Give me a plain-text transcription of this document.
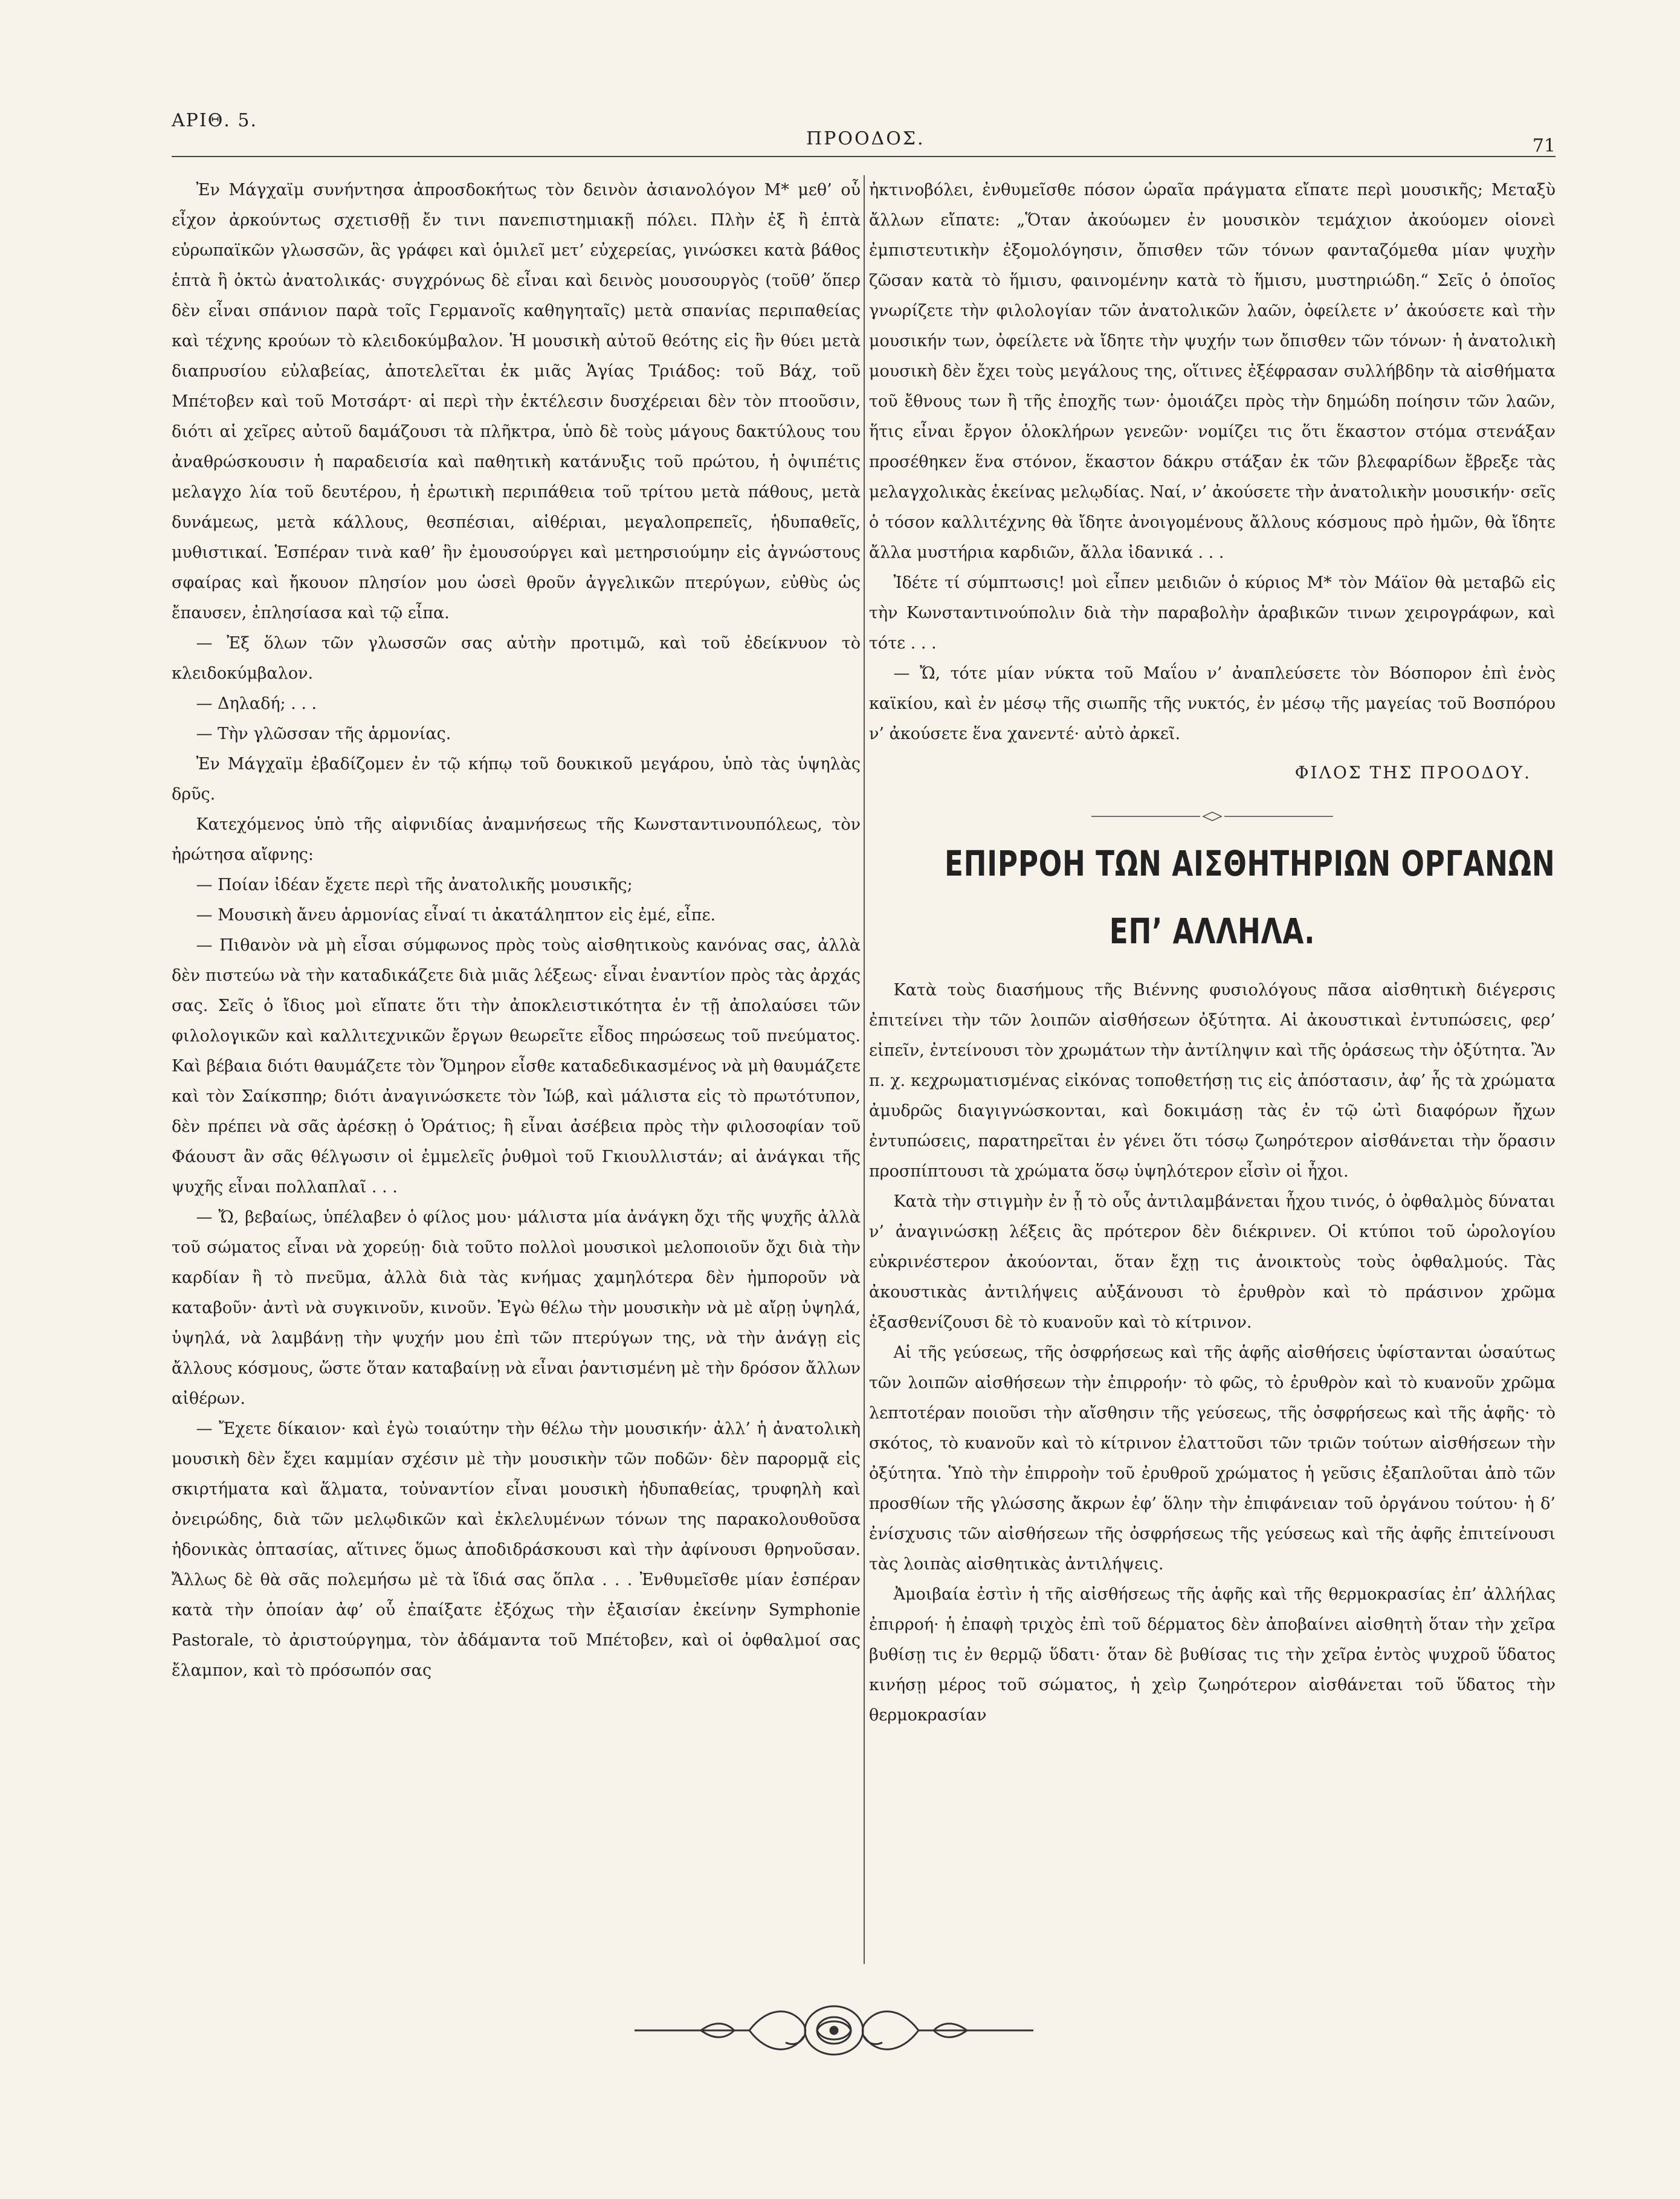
ΑΡΙΘ. 5.
ΠΡΟΟΔΟΣ.	71

Ἐν Μάγχαϊμ συνήντησα ἀπροσδοκήτως τὸν δεινὸν ἀσιανολόγον Μ* μεθ’ οὗ εἶχον ἀρκούντως σχετισθῇ ἔν τινι πανεπιστημιακῇ πόλει. Πλὴν ἐξ ἢ ἑπτὰ εὐρωπαϊκῶν γλωσσῶν, ἃς γράφει καὶ ὁμιλεῖ μετ’ εὐχερείας, γινώσκει κατὰ βάθος ἑπτὰ ἢ ὀκτὼ ἀνατολικάς· συγχρόνως δὲ εἶναι καὶ δεινὸς μουσουργὸς (τοῦθ’ ὅπερ δὲν εἶναι σπάνιον παρὰ τοῖς Γερμανοῖς καθηγηταῖς) μετὰ σπανίας περιπαθείας καὶ τέχνης κρούων τὸ κλειδοκύμβαλον. Ἡ μουσικὴ αὐτοῦ θεότης εἰς ἣν θύει μετὰ διαπρυσίου εὐλαβείας, ἀποτελεῖται ἐκ μιᾶς Ἁγίας Τριάδος: τοῦ Βάχ, τοῦ Μπέτοβεν καὶ τοῦ Μοτσάρτ· αἱ περὶ τὴν ἐκτέλεσιν δυσχέρειαι δὲν τὸν πτοοῦσιν, διότι αἱ χεῖρες αὐτοῦ δαμάζουσι τὰ πλῆκτρα, ὑπὸ δὲ τοὺς μάγους δακτύλους του ἀναθρώσκουσιν ἡ παραδεισία καὶ παθητικὴ κατάνυξις τοῦ πρώτου, ἡ ὀψιπέτις μελαγχο λία τοῦ δευτέρου, ἡ ἐρωτικὴ περιπάθεια τοῦ τρίτου μετὰ πάθους, μετὰ δυνάμεως, μετὰ κάλλους, θεσπέσιαι, αἰθέριαι, μεγαλοπρεπεῖς, ἡδυπαθεῖς, μυθιστικαί. Ἑσπέραν τινὰ καθ’ ἣν ἐμουσούργει καὶ μετηρσιούμην εἰς ἀγνώστους σφαίρας καὶ ἤκουον πλησίον μου ὡσεὶ θροῦν ἀγγελικῶν πτερύγων, εὐθὺς ὡς ἔπαυσεν, ἐπλησίασα καὶ τῷ εἶπα.

— Ἐξ ὅλων τῶν γλωσσῶν σας αὐτὴν προτιμῶ, καὶ τοῦ ἐδείκνυον τὸ κλειδοκύμβαλον.

— Δηλαδή; . . .

— Τὴν γλῶσσαν τῆς ἁρμονίας.

Ἐν Μάγχαϊμ ἐβαδίζομεν ἐν τῷ κήπῳ τοῦ δουκικοῦ μεγάρου, ὑπὸ τὰς ὑψηλὰς δρῦς.

Κατεχόμενος ὑπὸ τῆς αἰφνιδίας ἀναμνήσεως τῆς Κωνσταντινουπόλεως, τὸν ἠρώτησα αἴφνης:

— Ποίαν ἰδέαν ἔχετε περὶ τῆς ἀνατολικῆς μουσικῆς;

— Μουσικὴ ἄνευ ἁρμονίας εἶναί τι ἀκατάληπτον εἰς ἐμέ, εἶπε.

— Πιθανὸν νὰ μὴ εἶσαι σύμφωνος πρὸς τοὺς αἰσθητικοὺς κανόνας σας, ἀλλὰ δὲν πιστεύω νὰ τὴν καταδικάζετε διὰ μιᾶς λέξεως· εἶναι ἐναντίον πρὸς τὰς ἀρχάς σας. Σεῖς ὁ ἴδιος μοὶ εἴπατε ὅτι τὴν ἀποκλειστικότητα ἐν τῇ ἀπολαύσει τῶν φιλολογικῶν καὶ καλλιτεχνικῶν ἔργων θεωρεῖτε εἶδος πηρώσεως τοῦ πνεύματος. Καὶ βέβαια διότι θαυμάζετε τὸν Ὅμηρον εἶσθε καταδεδικασμένος νὰ μὴ θαυμάζετε καὶ τὸν Σαίκσπηρ; διότι ἀναγινώσκετε τὸν Ἰώβ, καὶ μάλιστα εἰς τὸ πρωτότυπον, δὲν πρέπει νὰ σᾶς ἀρέσκῃ ὁ Ὁράτιος; ἢ εἶναι ἀσέβεια πρὸς τὴν φιλοσοφίαν τοῦ Φάουστ ἂν σᾶς θέλγωσιν οἱ ἐμμελεῖς ῥυθμοὶ τοῦ Γκιουλλιστάν; αἱ ἀνάγκαι τῆς ψυχῆς εἶναι πολλαπλαῖ . . .

— Ὤ, βεβαίως, ὑπέλαβεν ὁ φίλος μου· μάλιστα μία ἀνάγκη ὄχι τῆς ψυχῆς ἀλλὰ τοῦ σώματος εἶναι νὰ χορεύῃ· διὰ τοῦτο πολλοὶ μουσικοὶ μελοποιοῦν ὄχι διὰ τὴν καρδίαν ἢ τὸ πνεῦμα, ἀλλὰ διὰ τὰς κνήμας χαμηλότερα δὲν ἠμποροῦν νὰ καταβοῦν· ἀντὶ νὰ συγκινοῦν, κινοῦν. Ἐγὼ θέλω τὴν μουσικὴν νὰ μὲ αἴρῃ ὑψηλά, ὑψηλά, νὰ λαμβάνῃ τὴν ψυχήν μου ἐπὶ τῶν πτερύγων της, νὰ τὴν ἀνάγῃ εἰς ἄλλους κόσμους, ὥστε ὅταν καταβαίνῃ νὰ εἶναι ῥαντισμένη μὲ τὴν δρόσον ἄλλων αἰθέρων.

— Ἔχετε δίκαιον· καὶ ἐγὼ τοιαύτην τὴν θέλω τὴν μουσικήν· ἀλλ’ ἡ ἀνατολικὴ μουσικὴ δὲν ἔχει καμμίαν σχέσιν μὲ τὴν μουσικὴν τῶν ποδῶν· δὲν παρορμᾷ εἰς σκιρτήματα καὶ ἅλματα, τοὐναντίον εἶναι μουσικὴ ἡδυπαθείας, τρυφηλὴ καὶ ὀνειρώδης, διὰ τῶν μελῳδικῶν καὶ ἐκλελυμένων τόνων της παρακολουθοῦσα ἡδονικὰς ὀπτασίας, αἵτινες ὅμως ἀποδιδράσκουσι καὶ τὴν ἀφίνουσι θρηνοῦσαν. Ἄλλως δὲ θὰ σᾶς πολεμήσω μὲ τὰ ἴδιά σας ὅπλα . . . Ἐνθυμεῖσθε μίαν ἑσπέραν κατὰ τὴν ὁποίαν ἀφ’ οὗ ἐπαίξατε ἐξόχως τὴν ἐξαισίαν ἐκείνην Symphonie Pastorale, τὸ ἀριστούργημα, τὸν ἀδάμαντα τοῦ Μπέτοβεν, καὶ οἱ ὀφθαλμοί σας ἔλαμπον, καὶ τὸ πρόσωπόν σας

ἠκτινοβόλει, ἐνθυμεῖσθε πόσον ὡραῖα πράγματα εἴπατε περὶ μουσικῆς; Μεταξὺ ἄλλων εἴπατε: „Ὅταν ἀκούωμεν ἐν μουσικὸν τεμάχιον ἀκούομεν οἱονεὶ ἐμπιστευτικὴν ἐξομολόγησιν, ὄπισθεν τῶν τόνων φανταζόμεθα μίαν ψυχὴν ζῶσαν κατὰ τὸ ἥμισυ, φαινομένην κατὰ τὸ ἥμισυ, μυστηριώδη.“ Σεῖς ὁ ὁποῖος γνωρίζετε τὴν φιλολογίαν τῶν ἀνατολικῶν λαῶν, ὀφείλετε ν’ ἀκούσετε καὶ τὴν μουσικήν των, ὀφείλετε νὰ ἴδητε τὴν ψυχήν των ὄπισθεν τῶν τόνων· ἡ ἀνατολικὴ μουσικὴ δὲν ἔχει τοὺς μεγάλους της, οἵτινες ἐξέφρασαν συλλήβδην τὰ αἰσθήματα τοῦ ἔθνους των ἢ τῆς ἐποχῆς των· ὁμοιάζει πρὸς τὴν δημώδη ποίησιν τῶν λαῶν, ἥτις εἶναι ἔργον ὁλοκλήρων γενεῶν· νομίζει τις ὅτι ἕκαστον στόμα στενάξαν προσέθηκεν ἕνα στόνον, ἕκαστον δάκρυ στάξαν ἐκ τῶν βλεφαρίδων ἔβρεξε τὰς μελαγχολικὰς ἐκείνας μελῳδίας. Ναί, ν’ ἀκούσετε τὴν ἀνατολικὴν μουσικήν· σεῖς ὁ τόσον καλλιτέχνης θὰ ἴδητε ἀνοιγομένους ἄλλους κόσμους πρὸ ἡμῶν, θὰ ἴδητε ἄλλα μυστήρια καρδιῶν, ἄλλα ἰδανικά . . .

Ἰδέτε τί σύμπτωσις! μοὶ εἶπεν μειδιῶν ὁ κύριος Μ* τὸν Μάϊον θὰ μεταβῶ εἰς τὴν Κωνσταντινούπολιν διὰ τὴν παραβολὴν ἀραβικῶν τινων χειρογράφων, καὶ τότε . . .

— Ὤ, τότε μίαν νύκτα τοῦ Μαΐου ν’ ἀναπλεύσετε τὸν Βόσπορον ἐπὶ ἑνὸς καϊκίου, καὶ ἐν μέσῳ τῆς σιωπῆς τῆς νυκτός, ἐν μέσῳ τῆς μαγείας τοῦ Βοσπόρου ν’ ἀκούσετε ἕνα χανεντέ· αὐτὸ ἀρκεῖ.

ΦΙΛΟΣ ΤΗΣ ΠΡΟΟΔΟΥ.
ΕΠΙΡΡΟΗ ΤΩΝ ΑΙΣΘΗΤΗΡΙΩΝ ΟΡΓΑΝΩΝ
ΕΠ’ ΑΛΛΗΛΑ.

Κατὰ τοὺς διασήμους τῆς Βιέννης φυσιολόγους πᾶσα αἰσθητικὴ διέγερσις ἐπιτείνει τὴν τῶν λοιπῶν αἰσθήσεων ὀξύτητα. Αἱ ἀκουστικαὶ ἐντυπώσεις, φερ’ εἰπεῖν, ἐντείνουσι τὸν χρωμάτων τὴν ἀντίληψιν καὶ τῆς ὁράσεως τὴν ὀξύτητα. Ἂν π. χ. κεχρωματισμένας εἰκόνας τοποθετήσῃ τις εἰς ἀπόστασιν, ἀφ’ ἧς τὰ χρώματα ἀμυδρῶς διαγιγνώσκονται, καὶ δοκιμάσῃ τὰς ἐν τῷ ὠτὶ διαφόρων ἤχων ἐντυπώσεις, παρατηρεῖται ἐν γένει ὅτι τόσῳ ζωηρότερον αἰσθάνεται τὴν ὅρασιν προσπίπτουσι τὰ χρώματα ὅσῳ ὑψηλότερον εἶσὶν οἱ ἦχοι.

Κατὰ τὴν στιγμὴν ἐν ᾗ τὸ οὖς ἀντιλαμβάνεται ἦχου τινός, ὁ ὀφθαλμὸς δύναται ν’ ἀναγινώσκῃ λέξεις ἃς πρότερον δὲν διέκρινεν. Οἱ κτύποι τοῦ ὡρολογίου εὐκρινέστερον ἀκούονται, ὅταν ἔχῃ τις ἀνοικτοὺς τοὺς ὀφθαλμούς. Τὰς ἀκουστικὰς ἀντιλήψεις αὐξάνουσι τὸ ἐρυθρὸν καὶ τὸ πράσινον χρῶμα ἐξασθενίζουσι δὲ τὸ κυανοῦν καὶ τὸ κίτρινον.

Αἱ τῆς γεύσεως, τῆς ὀσφρήσεως καὶ τῆς ἁφῆς αἰσθήσεις ὑφίστανται ὡσαύτως τῶν λοιπῶν αἰσθήσεων τὴν ἐπιρροήν· τὸ φῶς, τὸ ἐρυθρὸν καὶ τὸ κυανοῦν χρῶμα λεπτοτέραν ποιοῦσι τὴν αἴσθησιν τῆς γεύσεως, τῆς ὀσφρήσεως καὶ τῆς ἁφῆς· τὸ σκότος, τὸ κυανοῦν καὶ τὸ κίτρινον ἐλαττοῦσι τῶν τριῶν τούτων αἰσθήσεων τὴν ὀξύτητα. Ὑπὸ τὴν ἐπιρροὴν τοῦ ἐρυθροῦ χρώματος ἡ γεῦσις ἐξαπλοῦται ἀπὸ τῶν προσθίων τῆς γλώσσης ἄκρων ἐφ’ ὅλην τὴν ἐπιφάνειαν τοῦ ὀργάνου τούτου· ἡ δ’ ἐνίσχυσις τῶν αἰσθήσεων τῆς ὀσφρήσεως τῆς γεύσεως καὶ τῆς ἁφῆς ἐπιτείνουσι τὰς λοιπὰς αἰσθητικὰς ἀντιλήψεις.

Ἀμοιβαία ἐστὶν ἡ τῆς αἰσθήσεως τῆς ἁφῆς καὶ τῆς θερμοκρασίας ἐπ’ ἀλλήλας ἐπιρροή· ἡ ἐπαφὴ τριχὸς ἐπὶ τοῦ δέρματος δὲν ἀποβαίνει αἰσθητὴ ὅταν τὴν χεῖρα βυθίσῃ τις ἐν θερμῷ ὕδατι· ὅταν δὲ βυθίσας τις τὴν χεῖρα ἐντὸς ψυχροῦ ὕδατος κινήσῃ μέρος τοῦ σώματος, ἡ χεὶρ ζωηρότερον αἰσθάνεται τοῦ ὕδατος τὴν θερμοκρασίαν
